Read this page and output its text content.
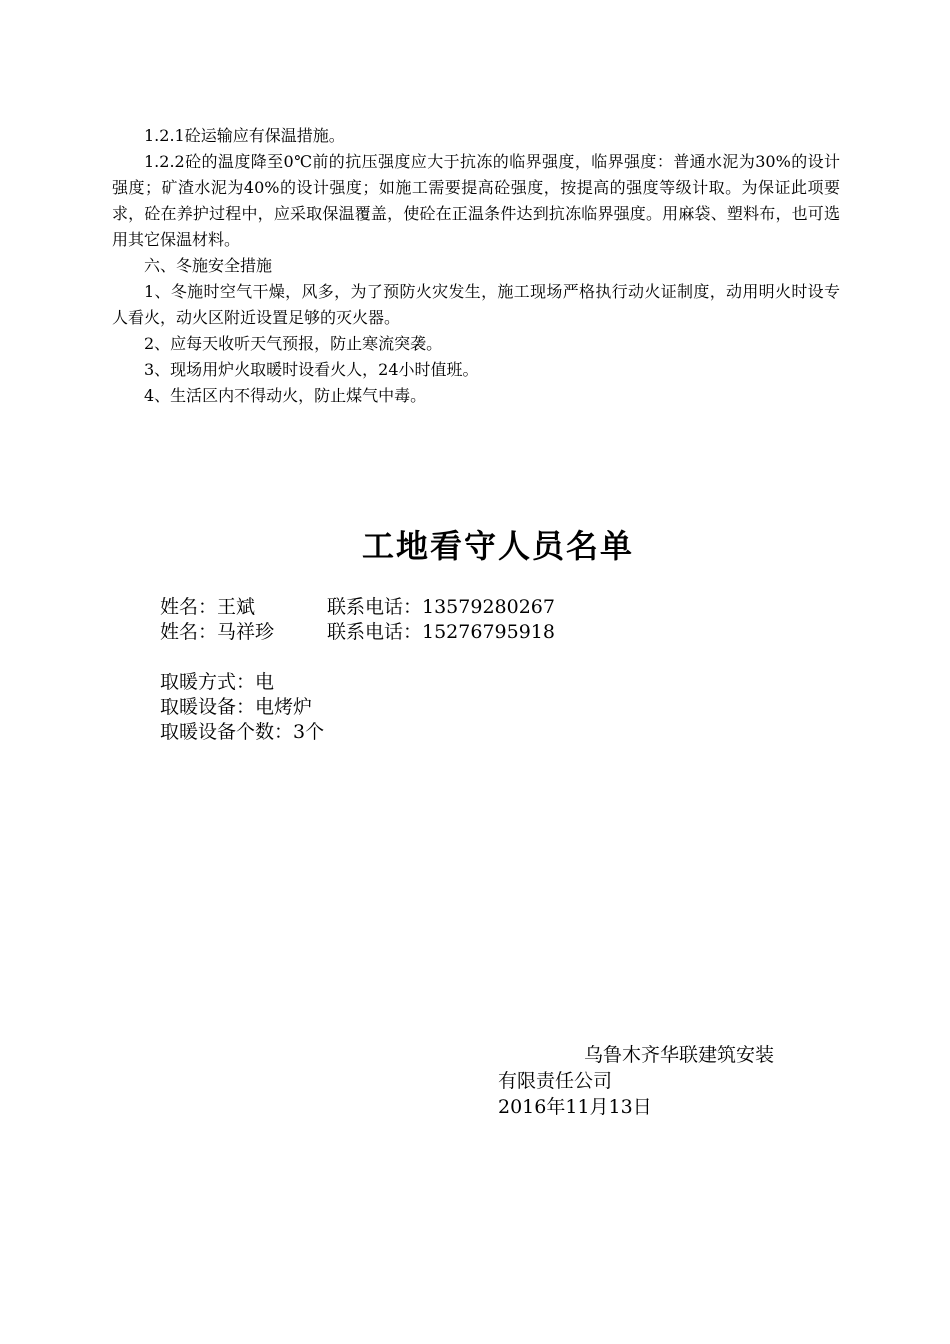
1.2.1砼运输应有保温措施。

1.2.2砼的温度降至0℃前的抗压强度应大于抗冻的临界强度，临界强度：普通水泥为30%的设计强度；矿渣水泥为40%的设计强度；如施工需要提高砼强度，按提高的强度等级计取。为保证此项要求，砼在养护过程中，应采取保温覆盖，使砼在正温条件达到抗冻临界强度。用麻袋、塑料布，也可选用其它保温材料。

六、冬施安全措施

1、冬施时空气干燥，风多，为了预防火灾发生，施工现场严格执行动火证制度，动用明火时设专人看火，动火区附近设置足够的灭火器。

2、应每天收听天气预报，防止寒流突袭。

3、现场用炉火取暖时设看火人，24小时值班。

4、生活区内不得动火，防止煤气中毒。

工地看守人员名单
姓名：王斌	联系电话：13579280267
姓名：马祥珍	联系电话：15276795918
取暖方式：电
取暖设备：电烤炉
取暖设备个数：3个
乌鲁木齐华联建筑安装
有限责任公司
2016年11月13日
